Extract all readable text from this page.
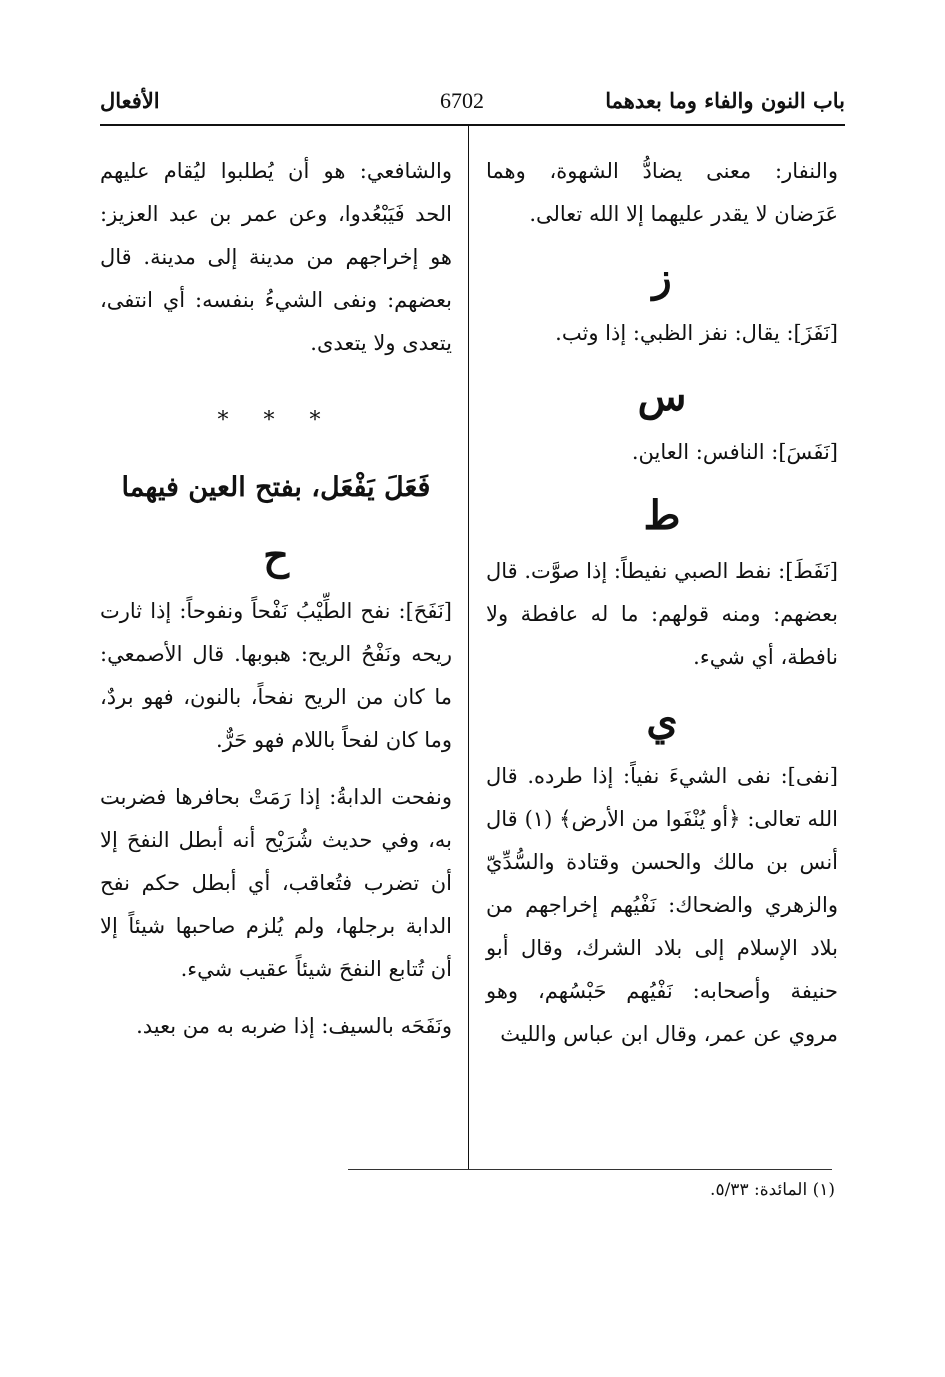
باب النون والفاء وما بعدهما
6702
الأفعال

والنفار: معنى يضادُّ الشهوة، وهما عَرَضان لا يقدر عليهما إلا الله تعالى.

ز

[نَفَزَ]: يقال: نفز الظبي: إذا وثب.

س

[نَفَسَ]: النافس: العاين.

ط

[نَفَطَ]: نفط الصبي نفيطاً: إذا صوَّت. قال بعضهم: ومنه قولهم: ما له عافطة ولا نافطة، أي شيء.

ي

[نفى]: نفى الشيءَ نفياً: إذا طرده. قال الله تعالى: ﴿أو يُنْفَوا من الأرض﴾ (١) قال أنس بن مالك والحسن وقتادة والسُّدِّيّ والزهري والضحاك: نَفْيُهم إخراجهم من بلاد الإسلام إلى بلاد الشرك، وقال أبو حنيفة وأصحابه: نَفْيُهم حَبْسُهم، وهو مروي عن عمر، وقال ابن عباس والليث

والشافعي: هو أن يُطلبوا ليُقام عليهم الحد فَيَبْعُدوا، وعن عمر بن عبد العزيز: هو إخراجهم من مدينة إلى مدينة. قال بعضهم: ونفى الشيءُ بنفسه: أي انتفى، يتعدى ولا يتعدى.

* * *
فَعَلَ يَفْعَل، بفتح العين فيهما
ح

[نَفَحَ]: نفح الطِّيْبُ نَفْحاً ونفوحاً: إذا ثارت ريحه ونَفْحُ الريح: هبوبها. قال الأصمعي: ما كان من الريح نفحاً، بالنون، فهو بردٌ، وما كان لفحاً باللام فهو حَرٌّ.

ونفحت الدابةُ: إذا رَمَتْ بحافرها فضربت به، وفي حديث شُرَيْح أنه أبطل النفحَ إلا أن تضرب فتُعاقب، أي أبطل حكم نفح الدابة برجلها، ولم يُلزم صاحبها شيئاً إلا أن تُتابع النفحَ شيئاً عقيب شيء.

ونَفَحَه بالسيف: إذا ضربه به من بعيد.

(١) المائدة: ٥/٣٣.
